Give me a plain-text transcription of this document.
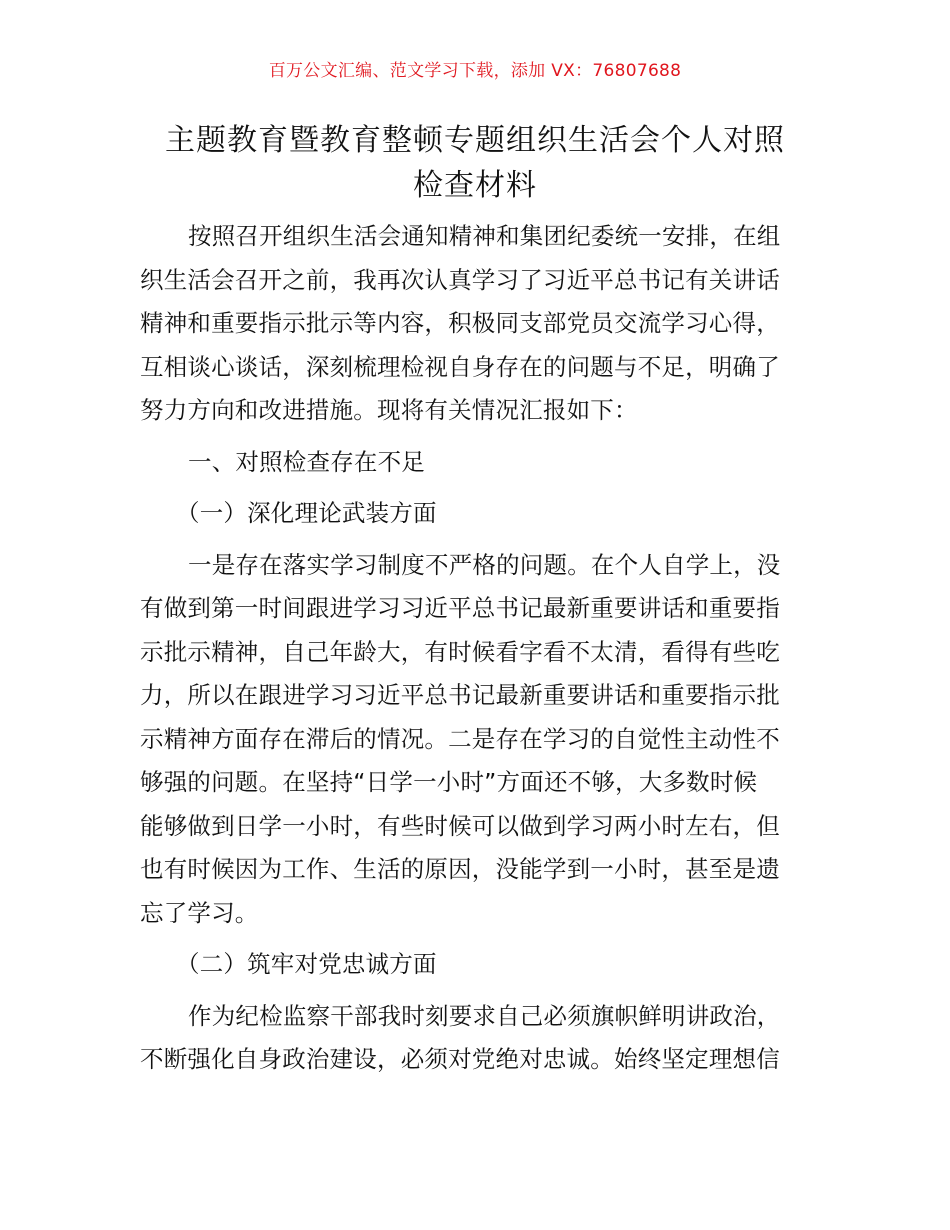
百万公文汇编、范文学习下载，添加 VX：76807688
主题教育暨教育整顿专题组织生活会个人对照
检查材料
按照召开组织生活会通知精神和集团纪委统一安排，在组
织生活会召开之前，我再次认真学习了习近平总书记有关讲话
精神和重要指示批示等内容，积极同支部党员交流学习心得，
互相谈心谈话，深刻梳理检视自身存在的问题与不足，明确了
努力方向和改进措施。现将有关情况汇报如下：
一、对照检查存在不足
（一）深化理论武装方面
一是存在落实学习制度不严格的问题。在个人自学上，没
有做到第一时间跟进学习习近平总书记最新重要讲话和重要指
示批示精神，自己年龄大，有时候看字看不太清，看得有些吃
力，所以在跟进学习习近平总书记最新重要讲话和重要指示批
示精神方面存在滞后的情况。二是存在学习的自觉性主动性不
够强的问题。在坚持“日学一小时”方面还不够，大多数时候
能够做到日学一小时，有些时候可以做到学习两小时左右，但
也有时候因为工作、生活的原因，没能学到一小时，甚至是遗
忘了学习。
（二）筑牢对党忠诚方面
作为纪检监察干部我时刻要求自己必须旗帜鲜明讲政治，
不断强化自身政治建设，必须对党绝对忠诚。始终坚定理想信
